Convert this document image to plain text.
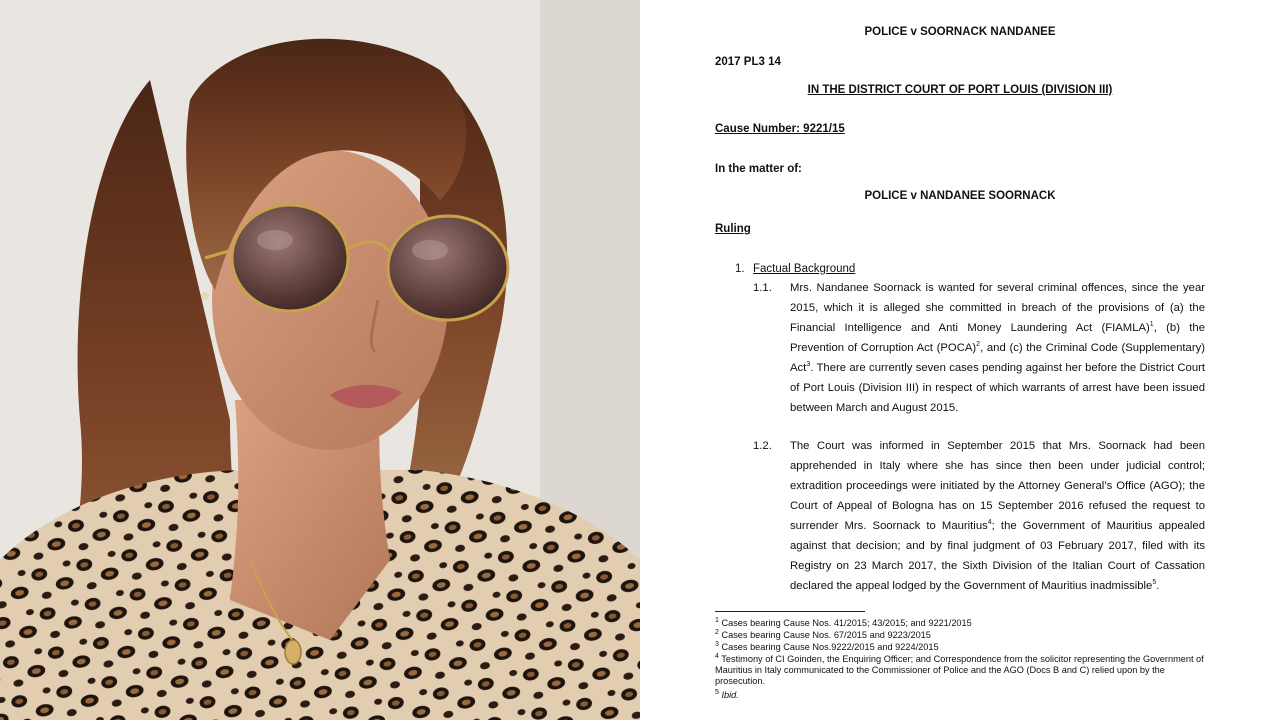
POLICE v SOORNACK NANDANEE
2017 PL3 14
IN THE DISTRICT COURT OF PORT LOUIS (DIVISION III)
Cause Number: 9221/15
In the matter of:
POLICE v NANDANEE SOORNACK
Ruling
1. Factual Background
1.1. Mrs. Nandanee Soornack is wanted for several criminal offences, since the year 2015, which it is alleged she committed in breach of the provisions of (a) the Financial Intelligence and Anti Money Laundering Act (FIAMLA)$^1$, (b) the Prevention of Corruption Act (POCA)$^2$, and (c) the Criminal Code (Supplementary) Act$^3$. There are currently seven cases pending against her before the District Court of Port Louis (Division III) in respect of which warrants of arrest have been issued between March and August 2015.
1.2. The Court was informed in September 2015 that Mrs. Soornack had been apprehended in Italy where she has since then been under judicial control; extradition proceedings were initiated by the Attorney General’s Office (AGO); the Court of Appeal of Bologna has on 15 September 2016 refused the request to surrender Mrs. Soornack to Mauritius$^4$; the Government of Mauritius appealed against that decision; and by final judgment of 03 February 2017, filed with its Registry on 23 March 2017, the Sixth Division of the Italian Court of Cassation declared the appeal lodged by the Government of Mauritius inadmissible$^5$.
$^1$ Cases bearing Cause Nos. 41/2015; 43/2015; and 9221/2015
$^2$ Cases bearing Cause Nos. 67/2015 and 9223/2015
$^3$ Cases bearing Cause Nos.9222/2015 and 9224/2015
$^4$ Testimony of CI Goinden, the Enquiring Officer; and Correspondence from the solicitor representing the Government of Mauritius in Italy communicated to the Commissioner of Police and the AGO (Docs B and C) relied upon by the prosecution.
$^5$ Ibid.
